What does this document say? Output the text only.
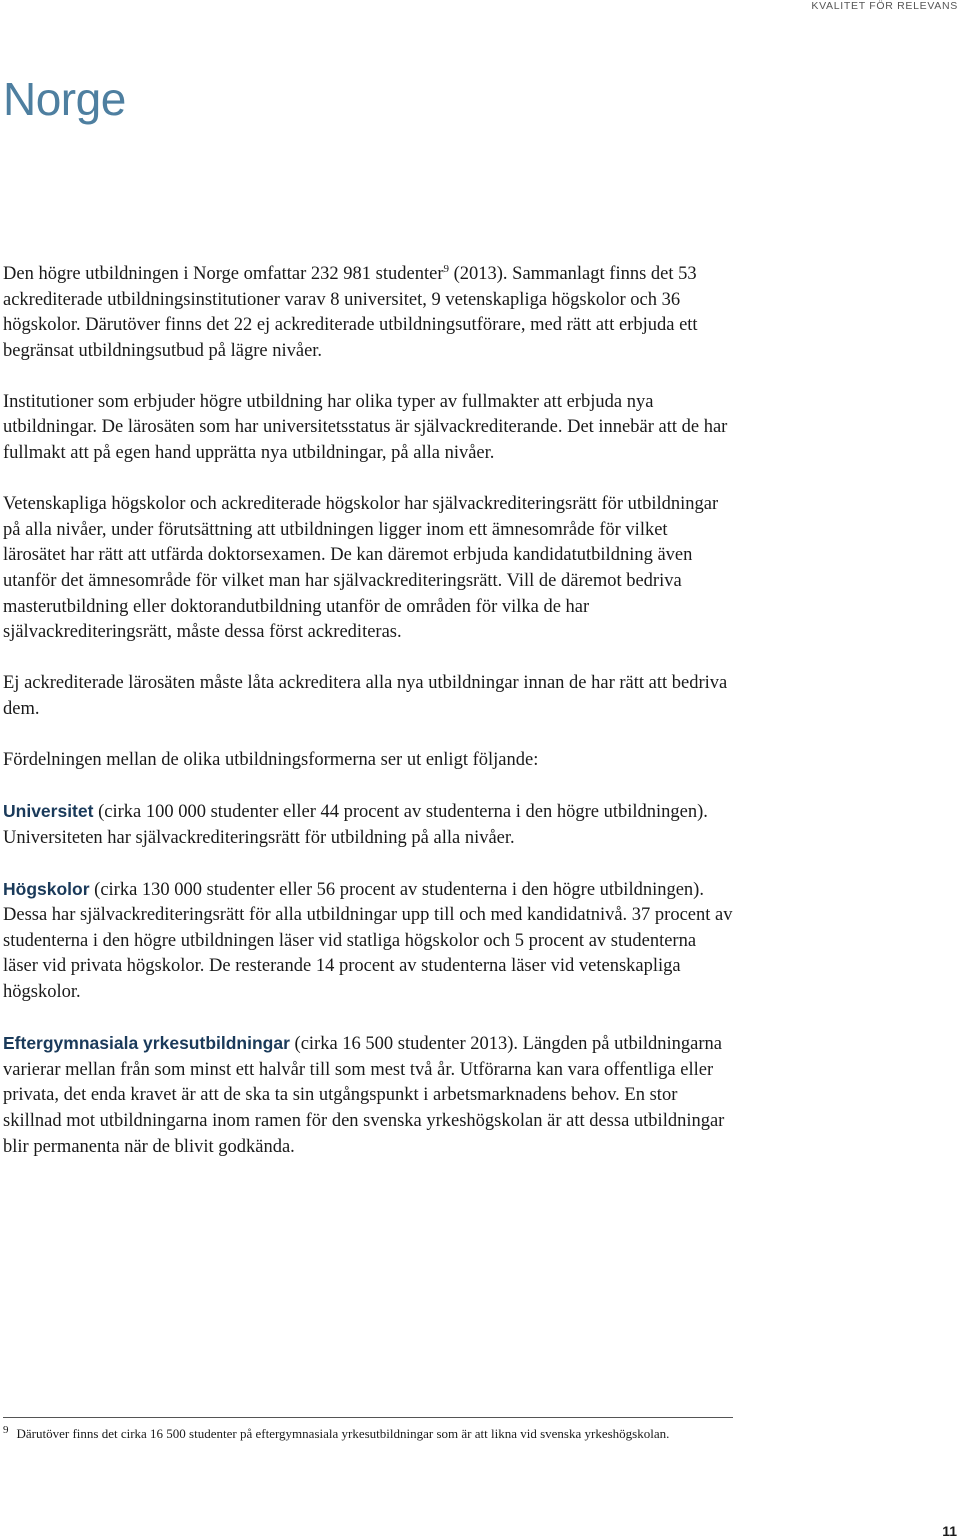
KVALITET FÖR RELEVANS
Norge

Den högre utbildningen i Norge omfattar 232 981 studenter$^9$ (2013). Sammanlagt finns det 53 ackrediterade utbildningsinstitutioner varav 8 universitet, 9 vetenskapliga högskolor och 36 högskolor. Därutöver finns det 22 ej ackrediterade utbildningsutförare, med rätt att erbjuda ett begränsat utbildningsutbud på lägre nivåer.

Institutioner som erbjuder högre utbildning har olika typer av fullmakter att erbjuda nya utbildningar. De lärosäten som har universitetsstatus är självackrediterande. Det innebär att de har fullmakt att på egen hand upprätta nya utbildningar, på alla nivåer.

Vetenskapliga högskolor och ackrediterade högskolor har självackrediteringsrätt för utbildningar på alla nivåer, under förutsättning att utbildningen ligger inom ett ämnesområde för vilket lärosätet har rätt att utfärda doktorsexamen. De kan däremot erbjuda kandidatutbildning även utanför det ämnesområde för vilket man har självackrediteringsrätt. Vill de däremot bedriva masterutbildning eller doktorandutbildning utanför de områden för vilka de har självackrediteringsrätt, måste dessa först ackrediteras.

Ej ackrediterade lärosäten måste låta ackreditera alla nya utbildningar innan de har rätt att bedriva dem.

Fördelningen mellan de olika utbildningsformerna ser ut enligt följande:

Universitet (cirka 100 000 studenter eller 44 procent av studenterna i den högre utbildningen). Universiteten har självackrediteringsrätt för utbildning på alla nivåer.

Högskolor (cirka 130 000 studenter eller 56 procent av studenterna i den högre utbildningen). Dessa har självackrediteringsrätt för alla utbildningar upp till och med kandidatnivå. 37 procent av studenterna i den högre utbildningen läser vid statliga högskolor och 5 procent av studenterna läser vid privata högskolor. De resterande 14 procent av studenterna läser vid vetenskapliga högskolor.

Eftergymnasiala yrkesutbildningar (cirka 16 500 studenter 2013). Längden på utbildningarna varierar mellan från som minst ett halvår till som mest två år. Utförarna kan vara offentliga eller privata, det enda kravet är att de ska ta sin utgångspunkt i arbetsmarknadens behov. En stor skillnad mot utbildningarna inom ramen för den svenska yrkeshögskolan är att dessa utbildningar blir permanenta när de blivit godkända.

$^9$ Därutöver finns det cirka 16 500 studenter på eftergymnasiala yrkesutbildningar som är att likna vid svenska yrkeshögskolan.
11
